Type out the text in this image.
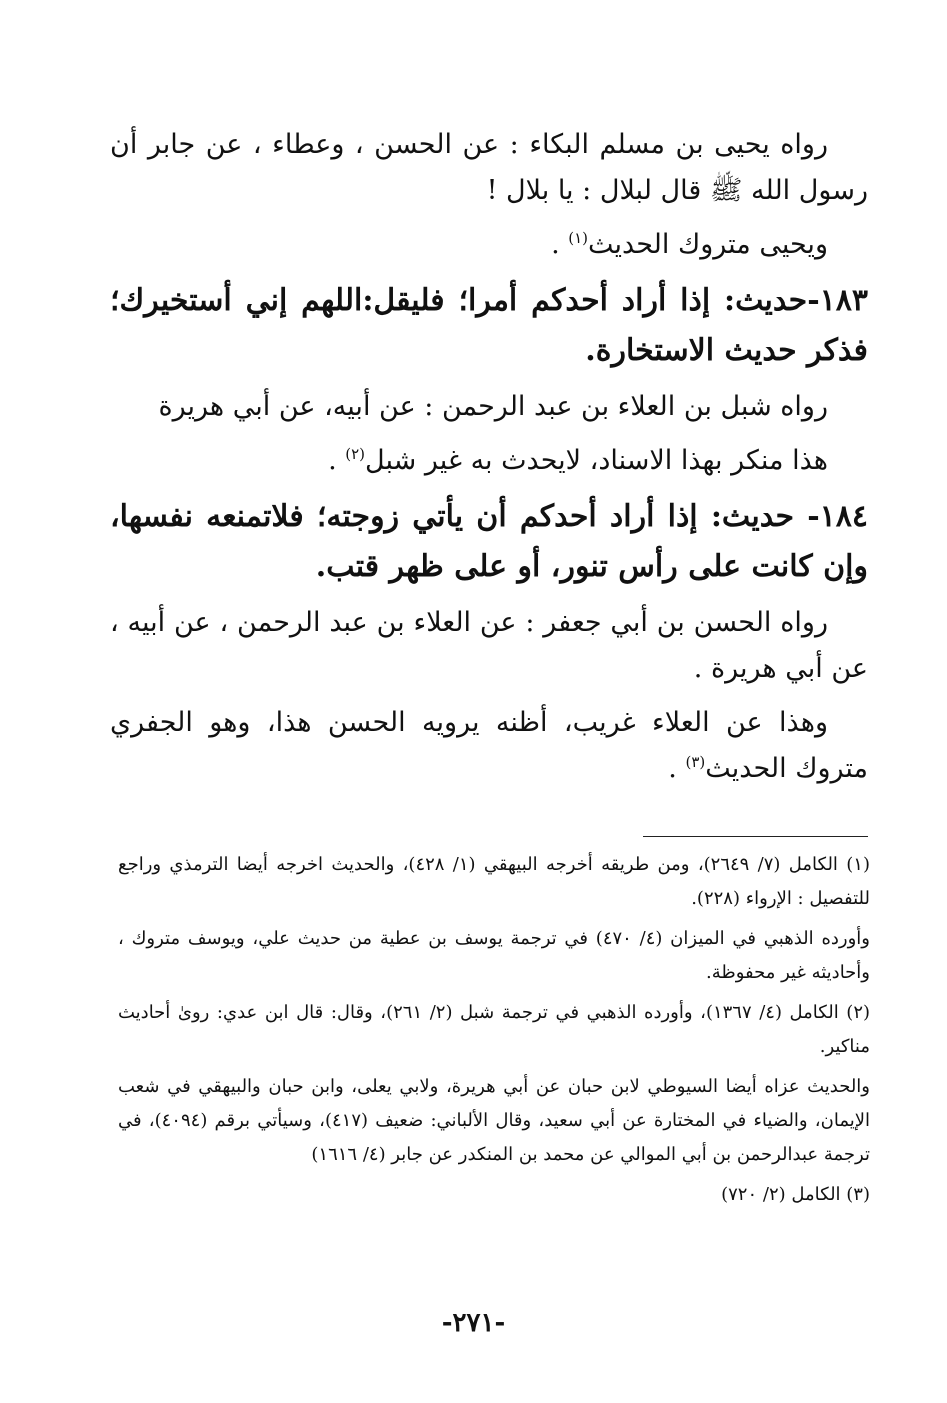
رواه يحيى بن مسلم البكاء : عن الحسن ، وعطاء ، عن جابر أن رسول الله ﷺ قال لبلال : يا بلال !

ويحيى متروك الحديث$^{(١)}$ .

١٨٣-حديث: إذا أراد أحدكم أمرا؛ فليقل:اللهم إني أستخيرك؛ فذكر حديث الاستخارة.

رواه شبل بن العلاء بن عبد الرحمن : عن أبيه، عن أبي هريرة

هذا منكر بهذا الاسناد، لايحدث به غير شبل$^{(٢)}$ .

١٨٤- حديث: إذا أراد أحدكم أن يأتي زوجته؛ فلاتمنعه نفسها، وإن كانت على رأس تنور، أو على ظهر قتب.

رواه الحسن بن أبي جعفر : عن العلاء بن عبد الرحمن ، عن أبيه ، عن أبي هريرة .

وهذا عن العلاء غريب، أظنه يرويه الحسن هذا، وهو الجفري متروك الحديث$^{(٣)}$ .

(١) الكامل (٧/ ٢٦٤٩)، ومن طريقه أخرجه البيهقي (١/ ٤٢٨)، والحديث اخرجه أيضا الترمذي وراجع للتفصيل : الإرواء (٢٢٨).

وأورده الذهبي في الميزان (٤/ ٤٧٠) في ترجمة يوسف بن عطية من حديث علي، ويوسف متروك ، وأحاديثه غير محفوظة.

(٢) الكامل (٤/ ١٣٦٧)، وأورده الذهبي في ترجمة شبل (٢/ ٢٦١)، وقال: قال ابن عدي: روىٰ أحاديث مناكير.

والحديث عزاه أيضا السيوطي لابن حبان عن أبي هريرة، ولابي يعلى، وابن حبان والبيهقي في شعب الإيمان، والضياء في المختارة عن أبي سعيد، وقال الألباني: ضعيف (٤١٧)، وسيأتي برقم (٤٠٩٤)، في ترجمة عبدالرحمن بن أبي الموالي عن محمد بن المنكدر عن جابر (٤/ ١٦١٦)

(٣) الكامل (٢/ ٧٢٠)

-٢٧١-
